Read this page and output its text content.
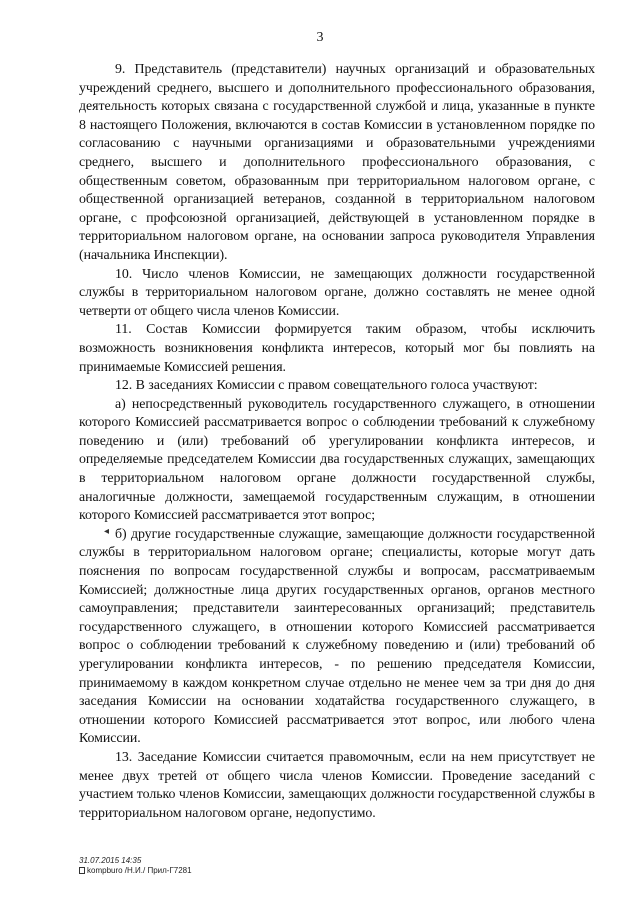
3

9. Представитель (представители) научных организаций и образовательных учреждений среднего, высшего и дополнительного профессионального образования, деятельность которых связана с государственной службой и лица, указанные в пункте 8 настоящего Положения, включаются в состав Комиссии в установленном порядке по согласованию с научными организациями и образовательными учреждениями среднего, высшего и дополнительного профессионального образования, с общественным советом, образованным при территориальном налоговом органе, с общественной организацией ветеранов, созданной в территориальном налоговом органе, с профсоюзной организацией, действующей в установленном порядке в территориальном налоговом органе, на основании запроса руководителя Управления (начальника Инспекции).

10. Число членов Комиссии, не замещающих должности государственной службы в территориальном налоговом органе, должно составлять не менее одной четверти от общего числа членов Комиссии.

11. Состав Комиссии формируется таким образом, чтобы исключить возможность возникновения конфликта интересов, который мог бы повлиять на принимаемые Комиссией решения.

12. В заседаниях Комиссии с правом совещательного голоса участвуют:

а) непосредственный руководитель государственного служащего, в отношении которого Комиссией рассматривается вопрос о соблюдении требований к служебному поведению и (или) требований об урегулировании конфликта интересов, и определяемые председателем Комиссии два государственных служащих, замещающих в территориальном налоговом органе должности государственной службы, аналогичные должности, замещаемой государственным служащим, в отношении которого Комиссией рассматривается этот вопрос;

б) другие государственные служащие, замещающие должности государственной службы в территориальном налоговом органе; специалисты, которые могут дать пояснения по вопросам государственной службы и вопросам, рассматриваемым Комиссией; должностные лица других государственных органов, органов местного самоуправления; представители заинтересованных организаций; представитель государственного служащего, в отношении которого Комиссией рассматривается вопрос о соблюдении требований к служебному поведению и (или) требований об урегулировании конфликта интересов, - по решению председателя Комиссии, принимаемому в каждом конкретном случае отдельно не менее чем за три дня до дня заседания Комиссии на основании ходатайства государственного служащего, в отношении которого Комиссией рассматривается этот вопрос, или любого члена Комиссии.

13. Заседание Комиссии считается правомочным, если на нем присутствует не менее двух третей от общего числа членов Комиссии. Проведение заседаний с участием только членов Комиссии, замещающих должности государственной службы в территориальном налоговом органе, недопустимо.

◂
31.07.2015 14:35
kompburo /Н.И./ Прил-Г7281
